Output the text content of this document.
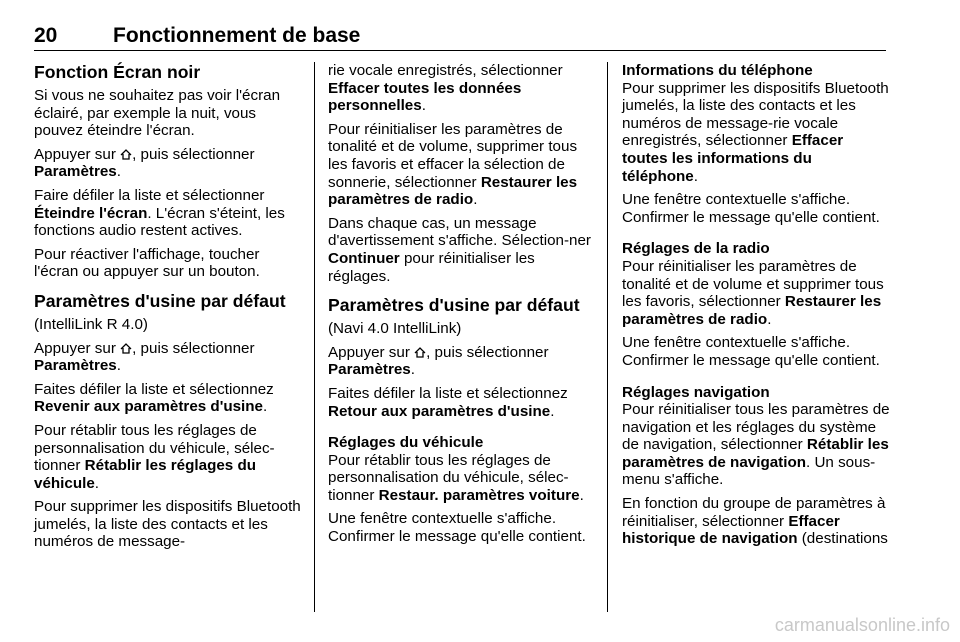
20	Fonctionnement de base
Fonction Écran noir

Si vous ne souhaitez pas voir l'écran éclairé, par exemple la nuit, vous pouvez éteindre l'écran.

Appuyer sur , puis sélectionner Paramètres.

Faire défiler la liste et sélectionner Éteindre l'écran. L'écran s'éteint, les fonctions audio restent actives.

Pour réactiver l'affichage, toucher l'écran ou appuyer sur un bouton.

Paramètres d'usine par défaut

(IntelliLink R 4.0)

Appuyer sur , puis sélectionner Paramètres.

Faites défiler la liste et sélectionnez Revenir aux paramètres d'usine.

Pour rétablir tous les réglages de personnalisation du véhicule, sélec-tionner Rétablir les réglages du véhicule.

Pour supprimer les dispositifs Bluetooth jumelés, la liste des contacts et les numéros de message-

rie vocale enregistrés, sélectionner Effacer toutes les données personnelles.

Pour réinitialiser les paramètres de tonalité et de volume, supprimer tous les favoris et effacer la sélection de sonnerie, sélectionner Restaurer les paramètres de radio.

Dans chaque cas, un message d'avertissement s'affiche. Sélection-ner Continuer pour réinitialiser les réglages.

Paramètres d'usine par défaut

(Navi 4.0 IntelliLink)

Appuyer sur , puis sélectionner Paramètres.

Faites défiler la liste et sélectionnez Retour aux paramètres d'usine.

Réglages du véhicule

Pour rétablir tous les réglages de personnalisation du véhicule, sélec-tionner Restaur. paramètres voiture.

Une fenêtre contextuelle s'affiche. Confirmer le message qu'elle contient.

Informations du téléphone

Pour supprimer les dispositifs Bluetooth jumelés, la liste des contacts et les numéros de message-rie vocale enregistrés, sélectionner Effacer toutes les informations du téléphone.

Une fenêtre contextuelle s'affiche. Confirmer le message qu'elle contient.

Réglages de la radio

Pour réinitialiser les paramètres de tonalité et de volume et supprimer tous les favoris, sélectionner Restaurer les paramètres de radio.

Une fenêtre contextuelle s'affiche. Confirmer le message qu'elle contient.

Réglages navigation

Pour réinitialiser tous les paramètres de navigation et les réglages du système de navigation, sélectionner Rétablir les paramètres de navigation. Un sous-menu s'affiche.

En fonction du groupe de paramètres à réinitialiser, sélectionner Effacer historique de navigation (destinations

carmanualsonline.info
